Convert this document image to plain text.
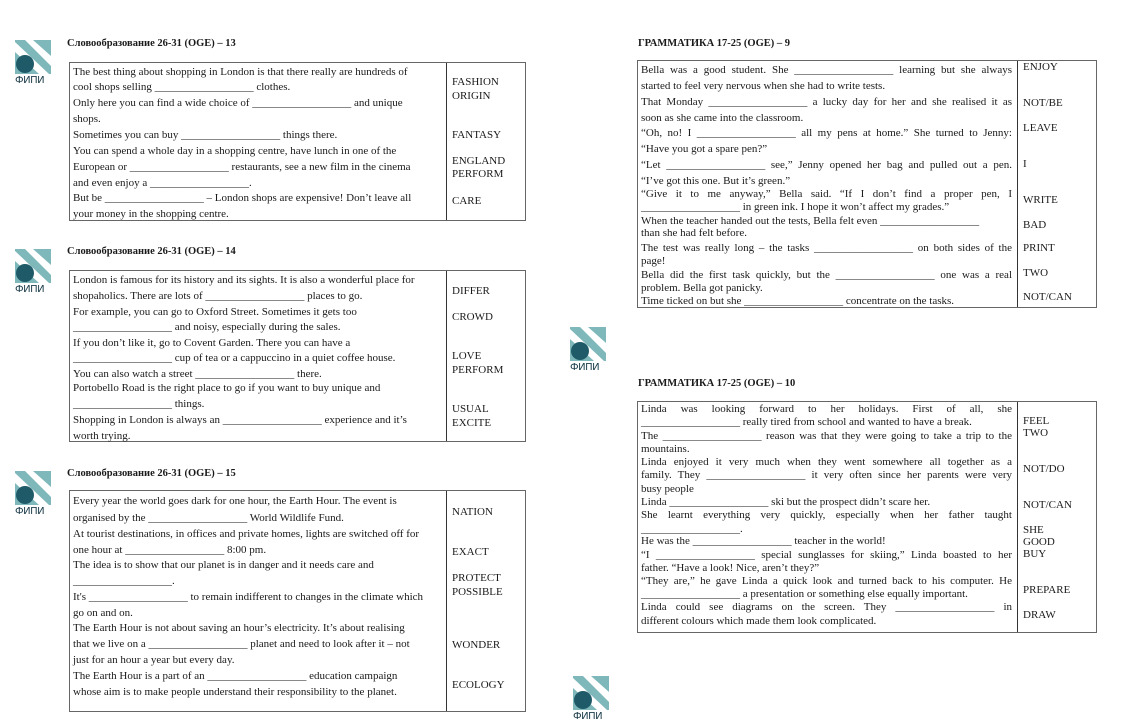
ФИПИ
Словообразование 26-31 (OGE) – 13
The best thing about shopping in London is that there really are hundreds of
cool shops selling __________________ clothes.
Only here you can find a wide choice of __________________ and unique
shops.
Sometimes you can buy __________________ things there.
You can spend a whole day in a shopping centre, have lunch in one of the
European or __________________ restaurants, see a new film in the cinema
and even enjoy a __________________.
But be __________________ – London shops are expensive! Don’t leave all
your money in the shopping centre.
FASHION
ORIGIN
FANTASY
ENGLAND
PERFORM
CARE
ФИПИ
Словообразование 26-31 (OGE) – 14
London is famous for its history and its sights. It is also a wonderful place for
shopaholics. There are lots of __________________ places to go.
For example, you can go to Oxford Street. Sometimes it gets too
__________________ and noisy, especially during the sales.
If you don’t like it, go to Covent Garden. There you can have a
__________________ cup of tea or a cappuccino in a quiet coffee house.
You can also watch a street __________________ there.
Portobello Road is the right place to go if you want to buy unique and
__________________ things.
Shopping in London is always an __________________ experience and it’s
worth trying.
DIFFER
CROWD
LOVE
PERFORM
USUAL
EXCITE
ФИПИ
Словообразование 26-31 (OGE) – 15
Every year the world goes dark for one hour, the Earth Hour. The event is
organised by the __________________ World Wildlife Fund.
At tourist destinations, in offices and private homes, lights are switched off for
one hour at __________________ 8:00 pm.
The idea is to show that our planet is in danger and it needs care and
__________________.
It's __________________ to remain indifferent to changes in the climate which
go on and on.
The Earth Hour is not about saving an hour’s electricity. It’s about realising
that we live on a __________________ planet and need to look after it – not
just for an hour a year but every day.
The Earth Hour is a part of an __________________ education campaign
whose aim is to make people understand their responsibility to the planet.
NATION
EXACT
PROTECT
POSSIBLE
WONDER
ECOLOGY
ГРАММАТИКА 17-25 (OGE) – 9
Bella was a good student. She __________________ learning but she always
started to feel very nervous when she had to write tests.
That Monday __________________ a lucky day for her and she realised it as
soon as she came into the classroom.
“Oh, no! I __________________ all my pens at home.” She turned to Jenny:
“Have you got a spare pen?”
“Let __________________ see,” Jenny opened her bag and pulled out a pen.
“I’ve got this one. But it’s green.”
“Give it to me anyway,” Bella said. “If I don’t find a proper pen, I
__________________ in green ink. I hope it won’t affect my grades.”
When the teacher handed out the tests, Bella felt even __________________
than she had felt before.
The test was really long – the tasks __________________ on both sides of the
page!
Bella did the first task quickly, but the __________________ one was a real
problem. Bella got panicky.
Time ticked on but she __________________ concentrate on the tasks.
ENJOY
NOT/BE
LEAVE
I
WRITE
BAD
PRINT
TWO
NOT/CAN
ФИПИ
ГРАММАТИКА 17-25 (OGE) – 10
Linda was looking forward to her holidays. First of all, she
__________________ really tired from school and wanted to have a break.
The __________________ reason was that they were going to take a trip to the
mountains.
Linda enjoyed it very much when they went somewhere all together as a
family. They __________________ it very often since her parents were very
busy people
Linda __________________ ski but the prospect didn’t scare her.
She learnt everything very quickly, especially when her father taught
__________________.
He was the __________________ teacher in the world!
“I __________________ special sunglasses for skiing,” Linda boasted to her
father. “Have a look! Nice, aren’t they?”
“They are,” he gave Linda a quick look and turned back to his computer. He
__________________ a presentation or something else equally important.
Linda could see diagrams on the screen. They __________________ in
different colours which made them look complicated.
FEEL
TWO
NOT/DO
NOT/CAN
SHE
GOOD
BUY
PREPARE
DRAW
ФИПИ
